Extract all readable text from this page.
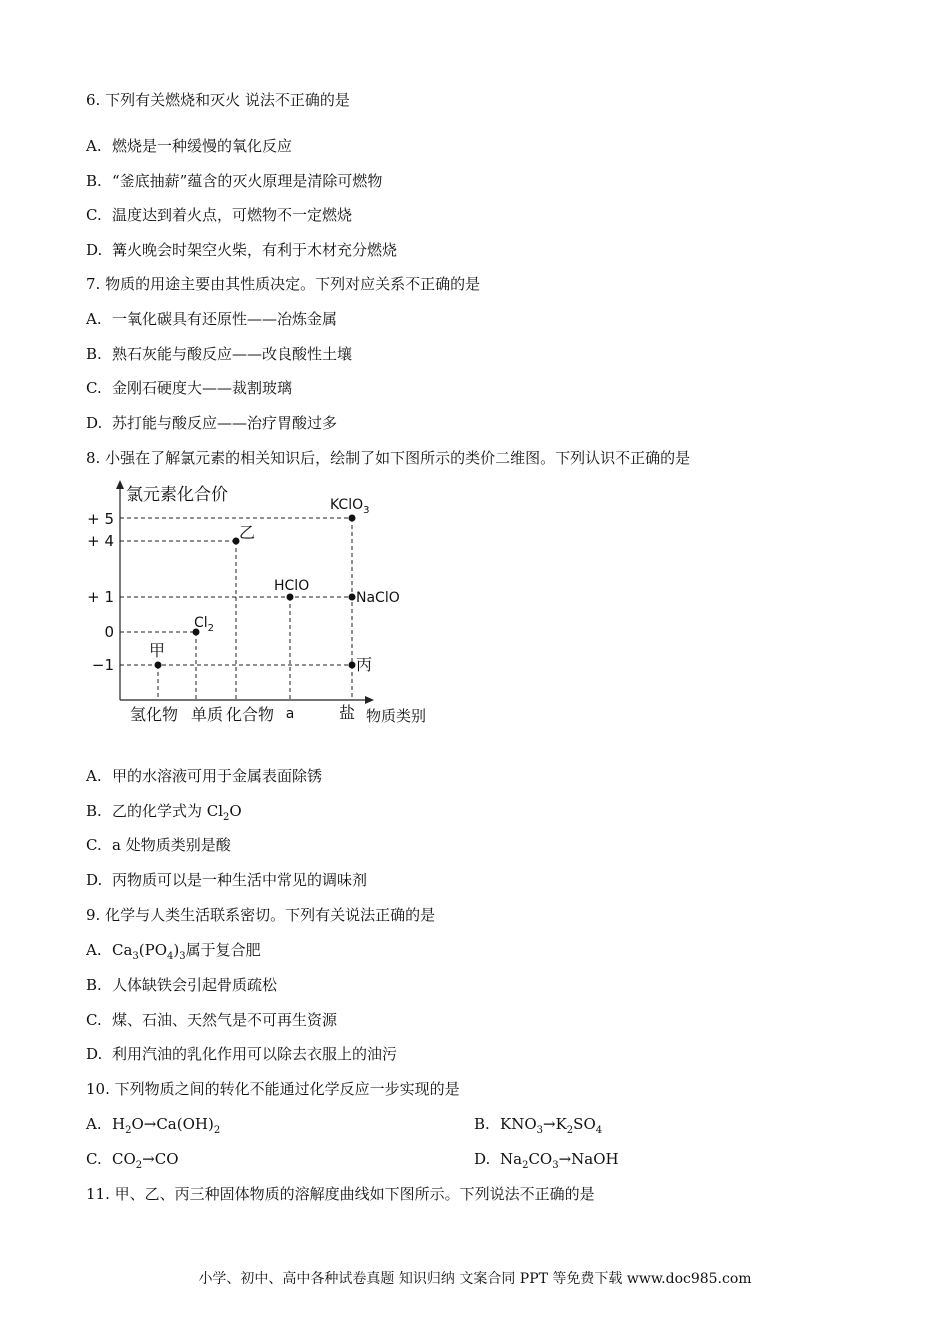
6. 下列有关燃烧和灭火 说法不正确的是
A. 燃烧是一种缓慢的氧化反应
B. “釜底抽薪”蕴含的灭火原理是清除可燃物
C. 温度达到着火点，可燃物不一定燃烧
D. 篝火晚会时架空火柴，有利于木材充分燃烧
7. 物质的用途主要由其性质决定。下列对应关系不正确的是
A. 一氧化碳具有还原性——冶炼金属
B. 熟石灰能与酸反应——改良酸性土壤
C. 金刚石硬度大——裁割玻璃
D. 苏打能与酸反应——治疗胃酸过多
8. 小强在了解氯元素的相关知识后，绘制了如下图所示的类价二维图。下列认识不正确的是
氯元素化合价
物质类别
+ 5
+ 4
+ 1
0
−1
氢化物 单质 化合物 a	盐
甲
$Cl_2$
乙
HClO
KClO$_3$
NaClO
丙
A. 甲的水溶液可用于金属表面除锈
B. 乙的化学式为 $Cl_2O$
C. a 处物质类别是酸
D. 丙物质可以是一种生活中常见的调味剂
9. 化学与人类生活联系密切。下列有关说法正确的是
A. $Ca_3(PO_4)_3$属于复合肥
B. 人体缺铁会引起骨质疏松
C. 煤、石油、天然气是不可再生资源
D. 利用汽油的乳化作用可以除去衣服上的油污
10. 下列物质之间的转化不能通过化学反应一步实现的是
A. $H_2O\to Ca(OH)_2$	B. $KNO_3\to K_2SO_4$
C. $CO_2\to CO$	D. $Na_2CO_3\to NaOH$
11. 甲、乙、丙三种固体物质的溶解度曲线如下图所示。下列说法不正确的是
小学、初中、高中各种试卷真题 知识归纳 文案合同 PPT 等免费下载 www.doc985.com
